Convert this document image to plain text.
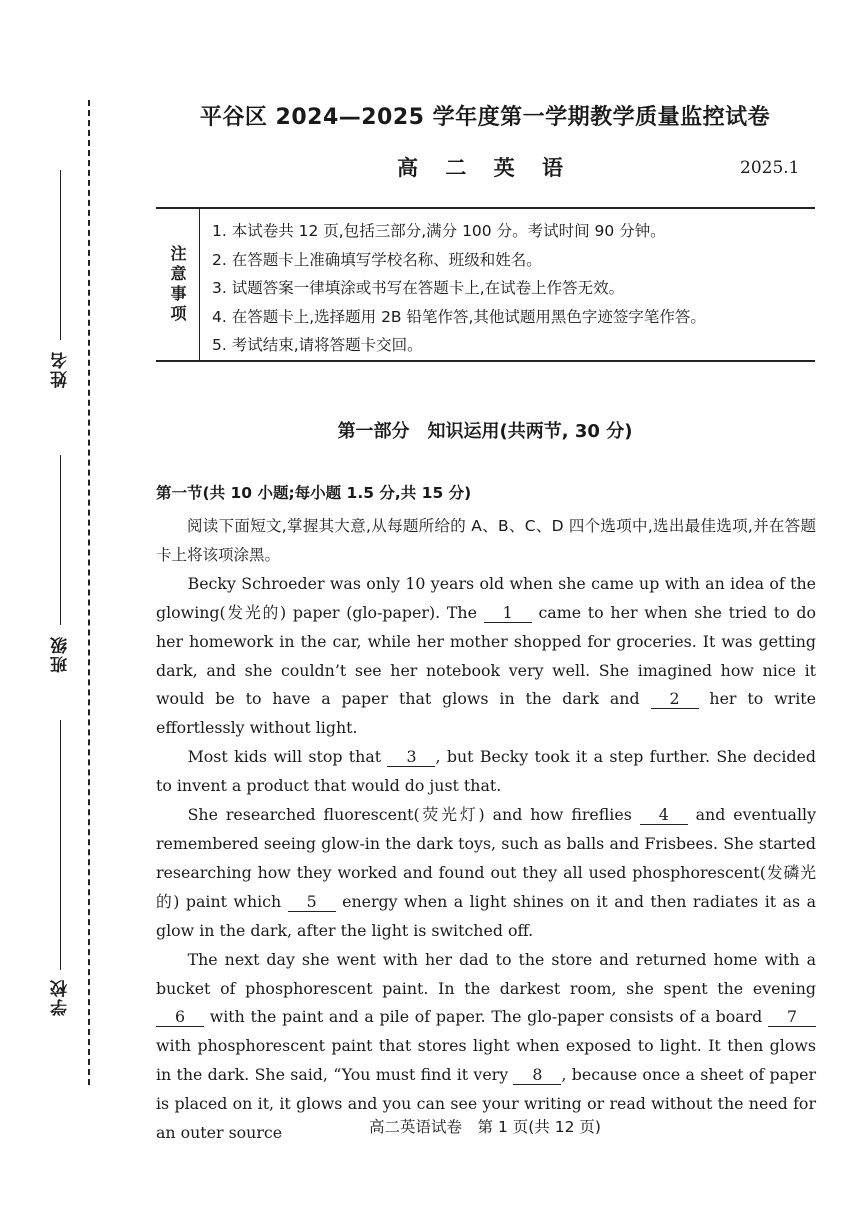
姓名
班级
学校
平谷区 2024—2025 学年度第一学期教学质量监控试卷
高 二 英 语	2025.1
注意事项
1. 本试卷共 12 页,包括三部分,满分 100 分。考试时间 90 分钟。
2. 在答题卡上准确填写学校名称、班级和姓名。
3. 试题答案一律填涂或书写在答题卡上,在试卷上作答无效。
4. 在答题卡上,选择题用 2B 铅笔作答,其他试题用黑色字迹签字笔作答。
5. 考试结束,请将答题卡交回。
第一部分　知识运用(共两节, 30 分)
第一节(共 10 小题;每小题 1.5 分,共 15 分)

阅读下面短文,掌握其大意,从每题所给的 A、B、C、D 四个选项中,选出最佳选项,并在答题卡上将该项涂黑。

Becky Schroeder was only 10 years old when she came up with an idea of the glowing(发光的) paper (glo-paper). The 1 came to her when she tried to do her homework in the car, while her mother shopped for groceries. It was getting dark, and she couldn’t see her notebook very well. She imagined how nice it would be to have a paper that glows in the dark and 2 her to write effortlessly without light.

Most kids will stop that 3 , but Becky took it a step further. She decided to invent a product that would do just that.

She researched fluorescent(荧光灯) and how fireflies 4 and eventually remembered seeing glow-in the dark toys, such as balls and Frisbees. She started researching how they worked and found out they all used phosphorescent(发磷光的) paint which 5 energy when a light shines on it and then radiates it as a glow in the dark, after the light is switched off.

The next day she went with her dad to the store and returned home with a bucket of phosphorescent paint. In the darkest room, she spent the evening 6 with the paint and a pile of paper. The glo-paper consists of a board 7 with phosphorescent paint that stores light when exposed to light. It then glows in the dark. She said, “You must find it very 8 , because once a sheet of paper is placed on it, it glows and you can see your writing or read without the need for an outer source	高二英语试卷　第 1 页(共 12 页)
